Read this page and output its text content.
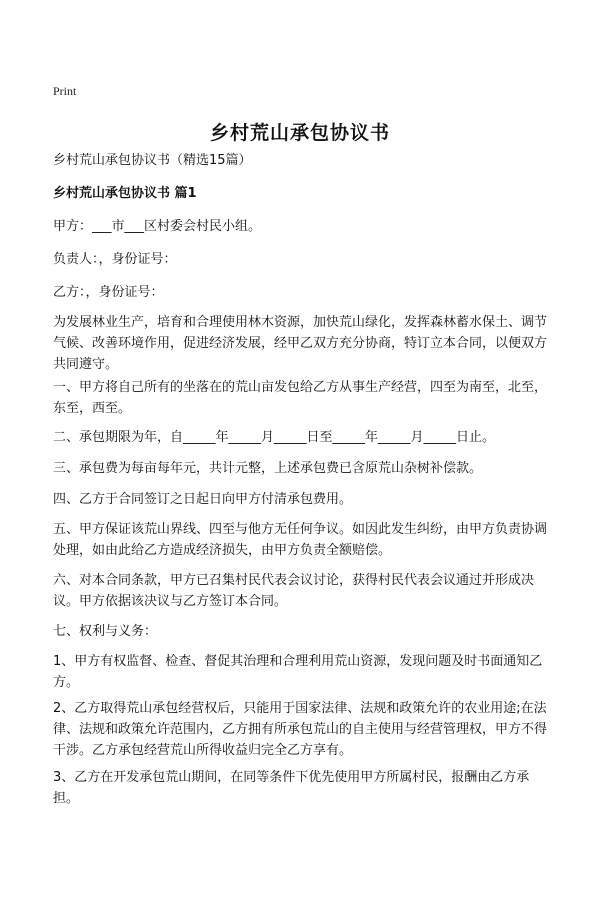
Print
乡村荒山承包协议书

乡村荒山承包协议书（精选15篇）

乡村荒山承包协议书 篇1

甲方：___市___区村委会村民小组。

负责人：，身份证号：

乙方：，身份证号：

为发展林业生产，培育和合理使用林木资源，加快荒山绿化，发挥森林蓄水保土、调节气候、改善环境作用，促进经济发展，经甲乙双方充分协商，特订立本合同，以便双方共同遵守。

一、甲方将自己所有的坐落在的荒山亩发包给乙方从事生产经营，四至为南至，北至，东至，西至。

二、承包期限为年，自_____年_____月_____日至_____年_____月_____日止。

三、承包费为每亩每年元，共计元整，上述承包费已含原荒山杂树补偿款。

四、乙方于合同签订之日起日向甲方付清承包费用。

五、甲方保证该荒山界线、四至与他方无任何争议。如因此发生纠纷，由甲方负责协调处理，如由此给乙方造成经济损失，由甲方负责全额赔偿。

六、对本合同条款，甲方已召集村民代表会议讨论，获得村民代表会议通过并形成决议。甲方依据该决议与乙方签订本合同。

七、权利与义务：

1、甲方有权监督、检查、督促其治理和合理利用荒山资源，发现问题及时书面通知乙方。

2、乙方取得荒山承包经营权后，只能用于国家法律、法规和政策允许的农业用途;在法律、法规和政策允许范围内，乙方拥有所承包荒山的自主使用与经营管理权，甲方不得干涉。乙方承包经营荒山所得收益归完全乙方享有。

3、乙方在开发承包荒山期间，在同等条件下优先使用甲方所属村民，报酬由乙方承担。
